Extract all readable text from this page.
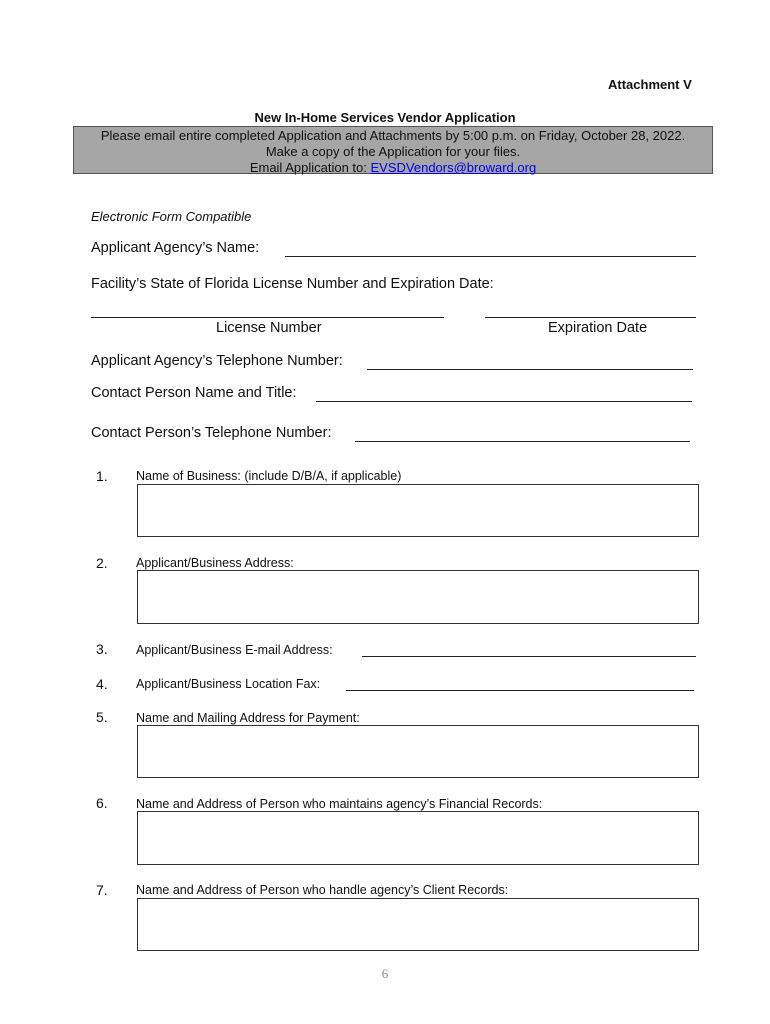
Attachment V
New In-Home Services Vendor Application
Please email entire completed Application and Attachments by 5:00 p.m. on Friday, October 28, 2022.
Make a copy of the Application for your files.
Email Application to: EVSDVendors@broward.org
Electronic Form Compatible
Applicant Agency’s Name:
Facility’s State of Florida License Number and Expiration Date:
License Number	Expiration Date
Applicant Agency’s Telephone Number:
Contact Person Name and Title:
Contact Person’s Telephone Number:
1. Name of Business: (include D/B/A, if applicable)
2. Applicant/Business Address:
3. Applicant/Business E-mail Address:
4. Applicant/Business Location Fax:
5. Name and Mailing Address for Payment:
6. Name and Address of Person who maintains agency’s Financial Records:
7. Name and Address of Person who handle agency’s Client Records:
6
